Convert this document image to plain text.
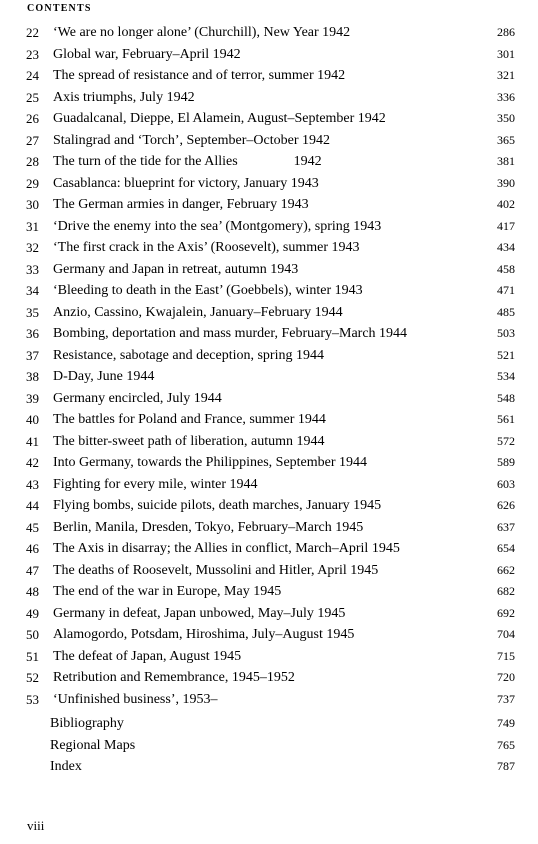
CONTENTS
22	‘We are no longer alone’ (Churchill), New Year 1942	286
23	Global war, February–April 1942	301
24	The spread of resistance and of terror, summer 1942	321
25	Axis triumphs, July 1942	336
26	Guadalcanal, Dieppe, El Alamein, August–September 1942	350
27	Stalingrad and ‘Torch’, September–October 1942	365
28	The turn of the tide for the Allies                1942	381
29	Casablanca: blueprint for victory, January 1943	390
30	The German armies in danger, February 1943	402
31	‘Drive the enemy into the sea’ (Montgomery), spring 1943	417
32	‘The first crack in the Axis’ (Roosevelt), summer 1943	434
33	Germany and Japan in retreat, autumn 1943	458
34	‘Bleeding to death in the East’ (Goebbels), winter 1943	471
35	Anzio, Cassino, Kwajalein, January–February 1944	485
36	Bombing, deportation and mass murder, February–March 1944	503
37	Resistance, sabotage and deception, spring 1944	521
38	D-Day, June 1944	534
39	Germany encircled, July 1944	548
40	The battles for Poland and France, summer 1944	561
41	The bitter-sweet path of liberation, autumn 1944	572
42	Into Germany, towards the Philippines, September 1944	589
43	Fighting for every mile, winter 1944	603
44	Flying bombs, suicide pilots, death marches, January 1945	626
45	Berlin, Manila, Dresden, Tokyo, February–March 1945	637
46	The Axis in disarray; the Allies in conflict, March–April 1945	654
47	The deaths of Roosevelt, Mussolini and Hitler, April 1945	662
48	The end of the war in Europe, May 1945	682
49	Germany in defeat, Japan unbowed, May–July 1945	692
50	Alamogordo, Potsdam, Hiroshima, July–August 1945	704
51	The defeat of Japan, August 1945	715
52	Retribution and Remembrance, 1945–1952	720
53	‘Unfinished business’, 1953–	737
Bibliography	749
Regional Maps	765
Index	787
viii
